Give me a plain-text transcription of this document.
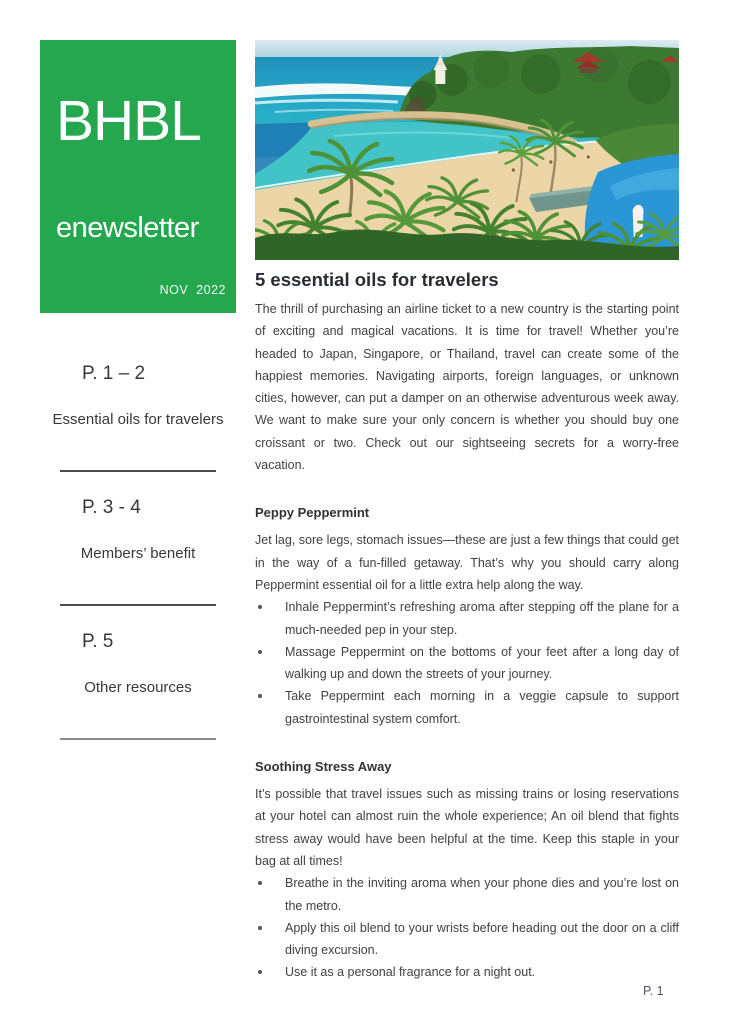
BHBL
enewsletter
NOV 2022
P. 1 – 2
Essential oils for travelers
P. 3 - 4
Members’ benefit
P. 5
Other resources
5 essential oils for travelers

The thrill of purchasing an airline ticket to a new country is the starting point of exciting and magical vacations. It is time for travel! Whether you’re headed to Japan, Singapore, or Thailand, travel can create some of the happiest memories. Navigating airports, foreign languages, or unknown cities, however, can put a damper on an otherwise adventurous week away. We want to make sure your only concern is whether you should buy one croissant or two. Check out our sightseeing secrets for a worry-free vacation.

Peppy Peppermint

Jet lag, sore legs, stomach issues—these are just a few things that could get in the way of a fun-filled getaway. That’s why you should carry along Peppermint essential oil for a little extra help along the way.

Inhale Peppermint’s refreshing aroma after stepping off the plane for a much-needed pep in your step.
Massage Peppermint on the bottoms of your feet after a long day of walking up and down the streets of your journey.
Take Peppermint each morning in a veggie capsule to support gastrointestinal system comfort.
Soothing Stress Away

It’s possible that travel issues such as missing trains or losing reservations at your hotel can almost ruin the whole experience; An oil blend that fights stress away would have been helpful at the time. Keep this staple in your bag at all times!

Breathe in the inviting aroma when your phone dies and you’re lost on the metro.
Apply this oil blend to your wrists before heading out the door on a cliff diving excursion.
Use it as a personal fragrance for a night out.
P. 1
